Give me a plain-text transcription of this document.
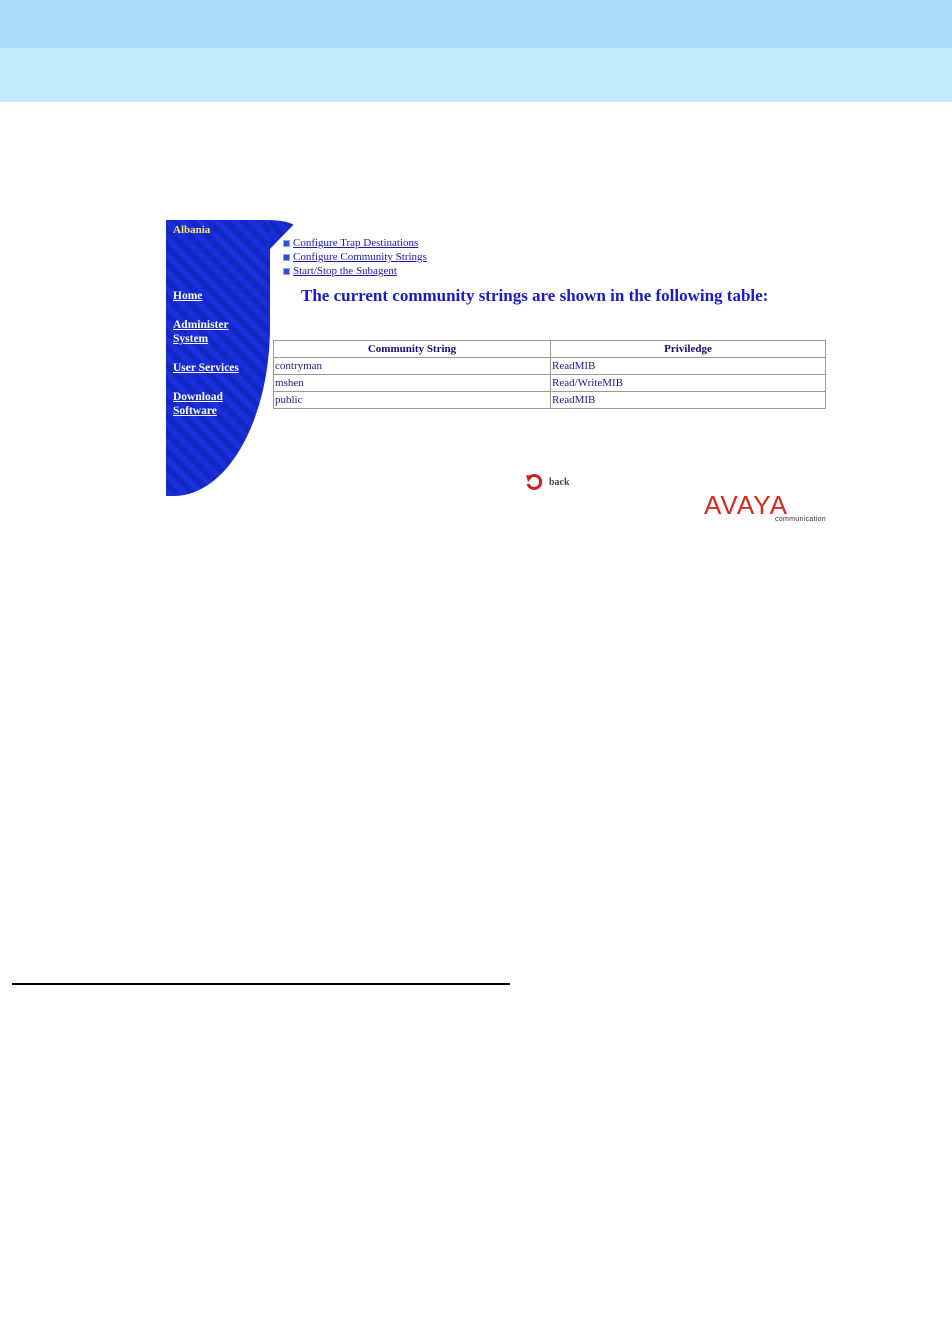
Albania
Home
Administer
System
User Services
Download
Software
Configure Trap Destinations
Configure Community Strings
Start/Stop the Subagent
The current community strings are shown in the following table:
Community String	Priviledge
contryman	ReadMIB
mshen	Read/WriteMIB
public	ReadMIB
back
AVAYA
communication
